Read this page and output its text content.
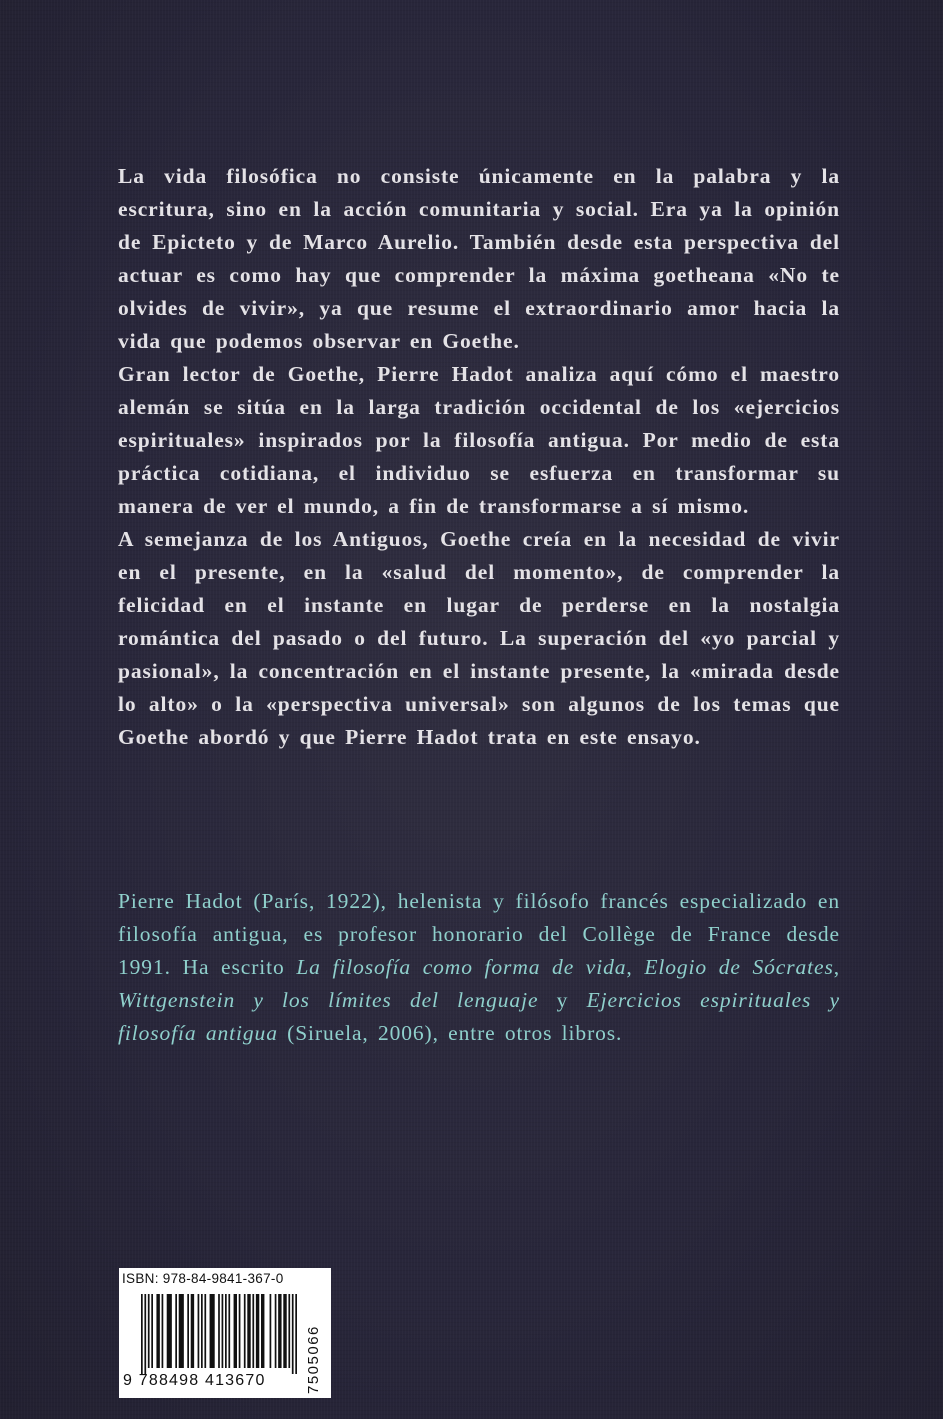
La vida filosófica no consiste únicamente en la palabra y la escritura, sino en la acción comunitaria y social. Era ya la opinión de Epicteto y de Marco Aurelio. También desde esta perspectiva del actuar es como hay que comprender la máxima goetheana «No te olvides de vivir», ya que resume el extraordinario amor hacia la vida que podemos observar en Goethe.

Gran lector de Goethe, Pierre Hadot analiza aquí cómo el maestro alemán se sitúa en la larga tradición occidental de los «ejercicios espirituales» inspirados por la filosofía antigua. Por medio de esta práctica cotidiana, el individuo se esfuerza en transformar su manera de ver el mundo, a fin de transformarse a sí mismo.

A semejanza de los Antiguos, Goethe creía en la necesidad de vivir en el presente, en la «salud del momento», de comprender la felicidad en el instante en lugar de perderse en la nostalgia romántica del pasado o del futuro. La superación del «yo parcial y pasional», la concentración en el instante presente, la «mirada desde lo alto» o la «perspectiva universal» son algunos de los temas que Goethe abordó y que Pierre Hadot trata en este ensayo.

Pierre Hadot (París, 1922), helenista y filósofo francés especializado en filosofía antigua, es profesor honorario del Collège de France desde 1991. Ha escrito La filosofía como forma de vida, Elogio de Sócrates, Wittgenstein y los límites del lenguaje y Ejercicios espirituales y filosofía antigua (Siruela, 2006), entre otros libros.

ISBN: 978-84-9841-367-0
9 788498 413670	7505066
